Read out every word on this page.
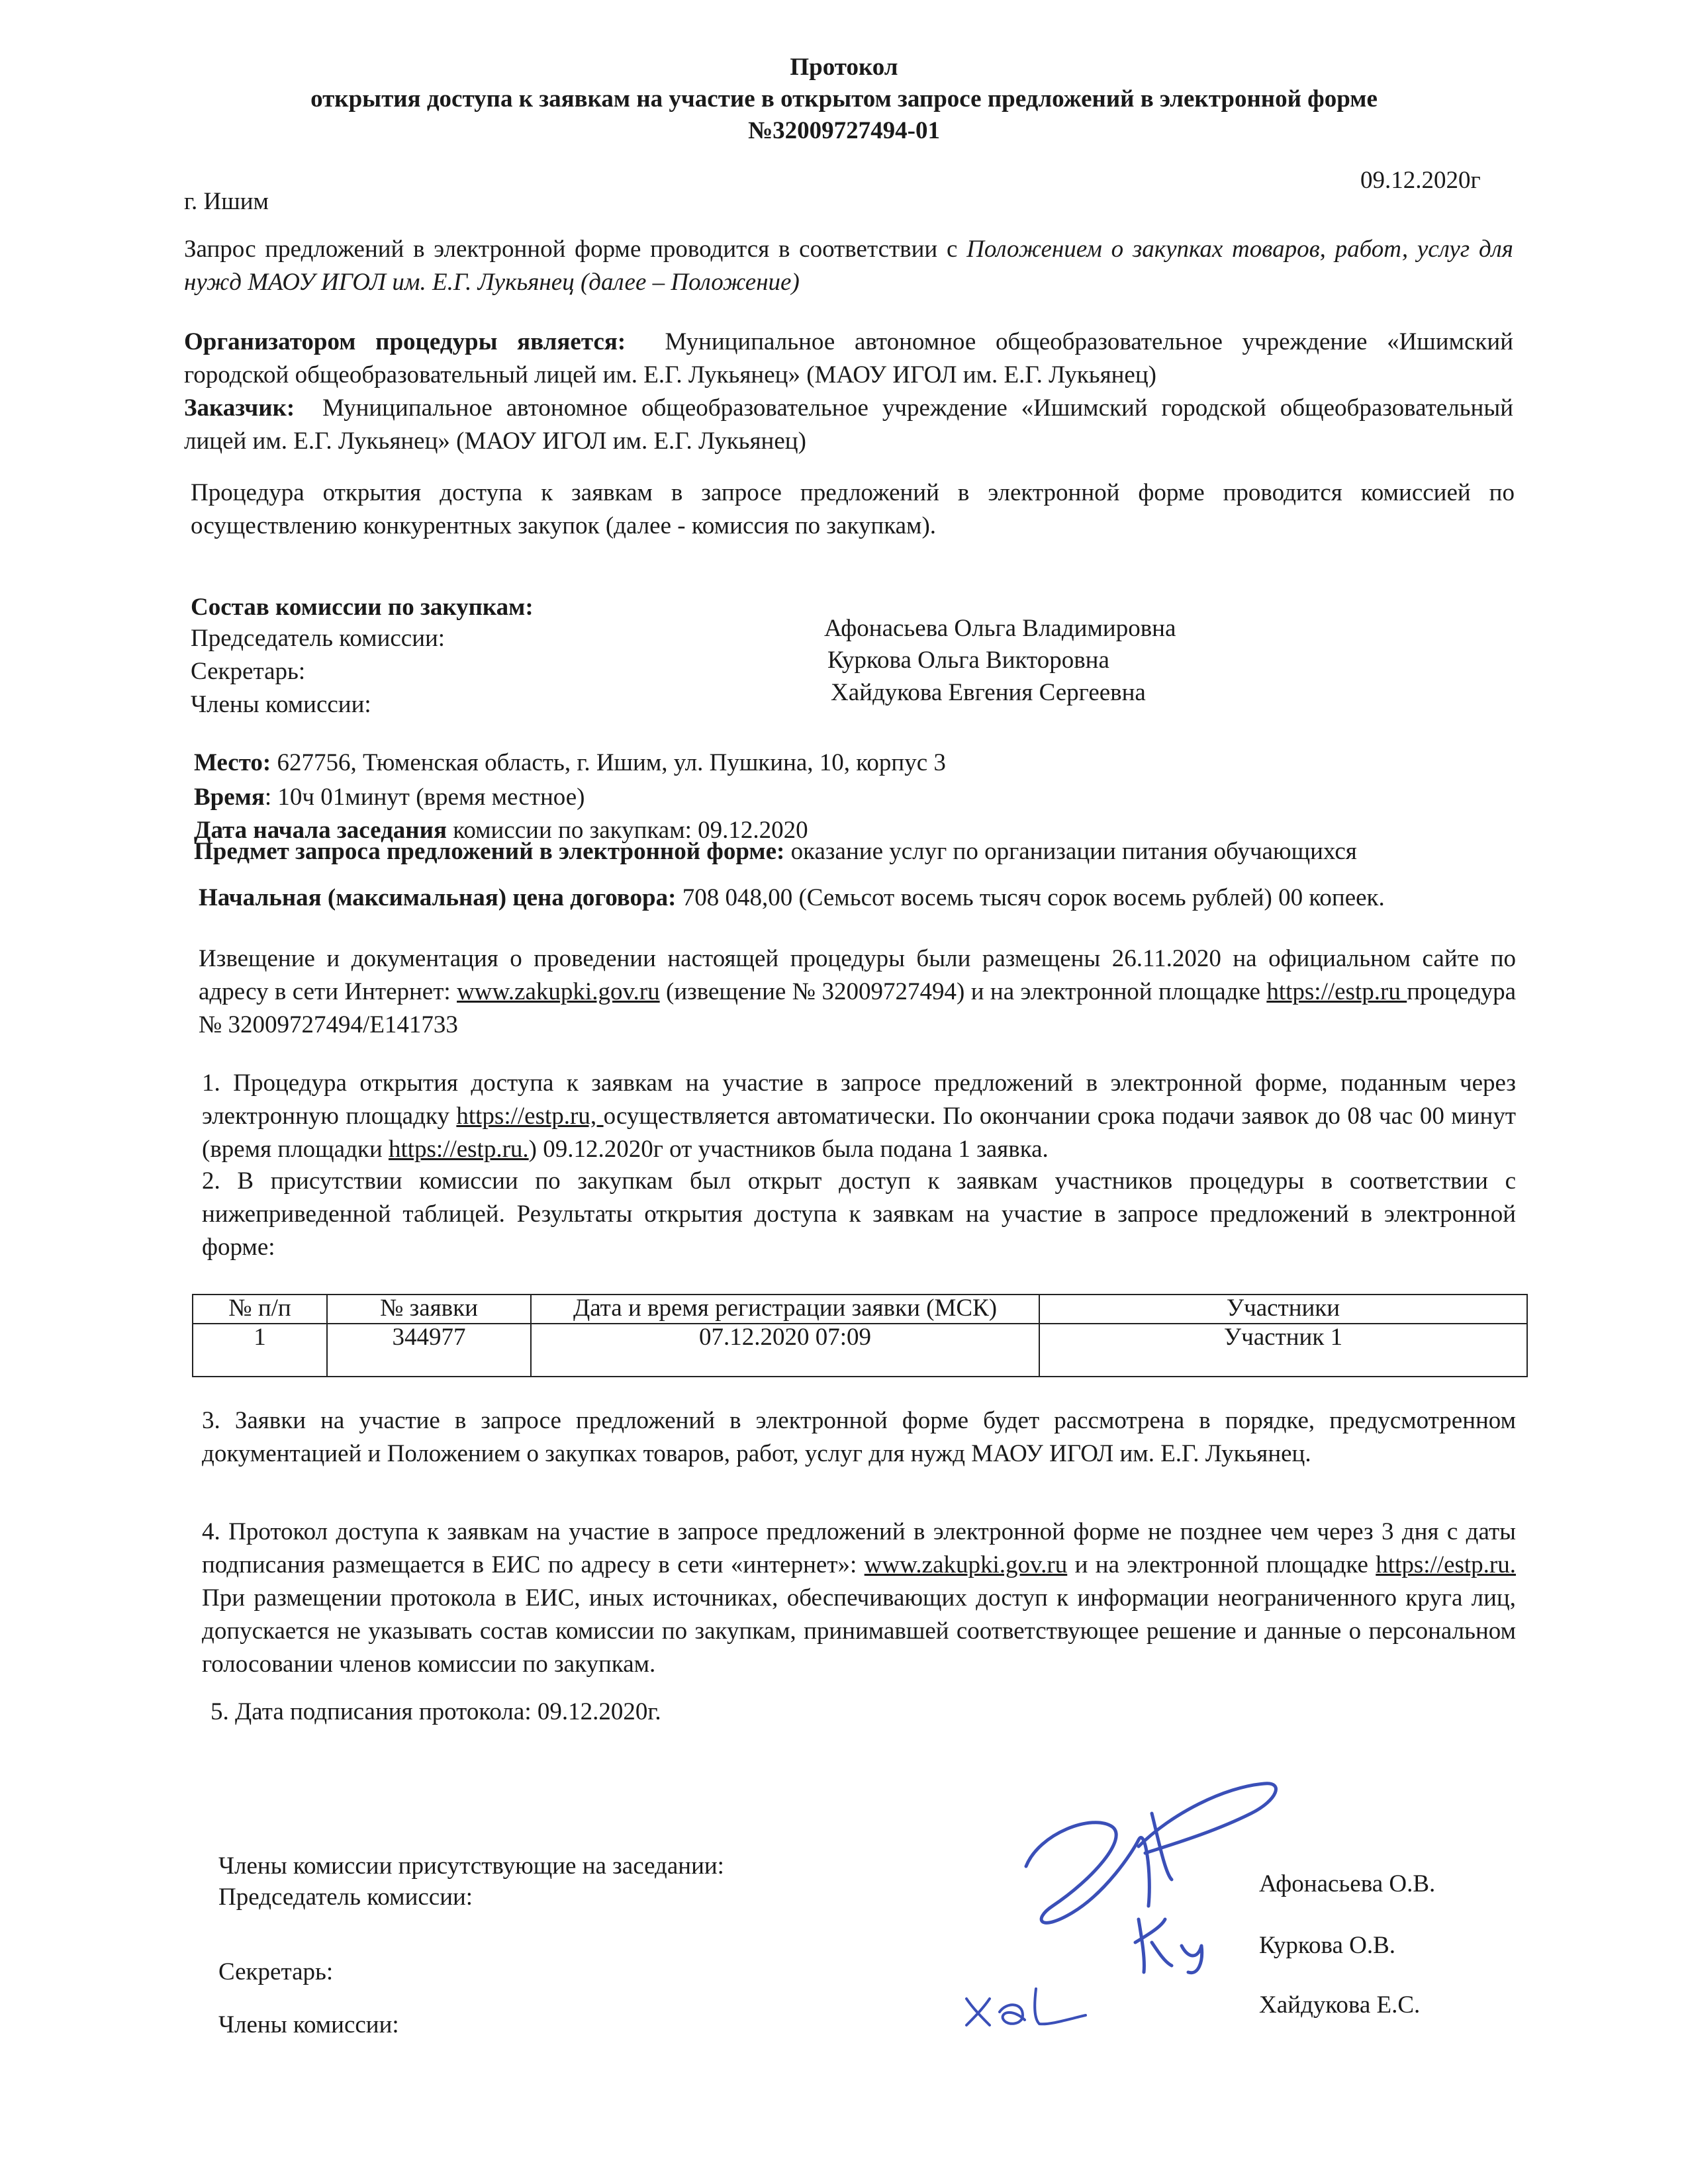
Протокол
открытия доступа к заявкам на участие в открытом запросе предложений в электронной форме
№32009727494-01
09.12.2020г
г. Ишим
Запрос предложений в электронной форме проводится в соответствии с Положением о закупках товаров, работ, услуг для нужд МАОУ ИГОЛ им. Е.Г. Лукьянец (далее – Положение)
Организатором процедуры является: Муниципальное автономное общеобразовательное учреждение «Ишимский городской общеобразовательный лицей им. Е.Г. Лукьянец» (МАОУ ИГОЛ им. Е.Г. Лукьянец)
Заказчик: Муниципальное автономное общеобразовательное учреждение «Ишимский городской общеобразовательный лицей им. Е.Г. Лукьянец» (МАОУ ИГОЛ им. Е.Г. Лукьянец)
Процедура открытия доступа к заявкам в запросе предложений в электронной форме проводится комиссией по осуществлению конкурентных закупок (далее - комиссия по закупкам).
Состав комиссии по закупкам:
Председатель комиссии:	Афонасьева Ольга Владимировна
Секретарь:	Куркова Ольга Викторовна
Члены комиссии:	Хайдукова Евгения Сергеевна
Место: 627756, Тюменская область, г. Ишим, ул. Пушкина, 10, корпус 3
Время: 10ч 01минут (время местное)
Дата начала заседания комиссии по закупкам: 09.12.2020
Предмет запроса предложений в электронной форме: оказание услуг по организации питания обучающихся
Начальная (максимальная) цена договора: 708 048,00 (Семьсот восемь тысяч сорок восемь рублей) 00 копеек.
Извещение и документация о проведении настоящей процедуры были размещены 26.11.2020 на официальном сайте по адресу в сети Интернет: www.zakupki.gov.ru (извещение № 32009727494) и на электронной площадке https://estp.ru процедура № 32009727494/Е141733
1. Процедура открытия доступа к заявкам на участие в запросе предложений в электронной форме, поданным через электронную площадку https://estp.ru, осуществляется автоматически. По окончании срока подачи заявок до 08 час 00 минут (время площадки https://estp.ru.) 09.12.2020г от участников была подана 1 заявка.
2. В присутствии комиссии по закупкам был открыт доступ к заявкам участников процедуры в соответствии с нижеприведенной таблицей. Результаты открытия доступа к заявкам на участие в запросе предложений в электронной форме:
№ п/п	№ заявки	Дата и время регистрации заявки (МСК)	Участники
1	344977	07.12.2020 07:09	Участник 1
3. Заявки на участие в запросе предложений в электронной форме будет рассмотрена в порядке, предусмотренном документацией и Положением о закупках товаров, работ, услуг для нужд МАОУ ИГОЛ им. Е.Г. Лукьянец.
4. Протокол доступа к заявкам на участие в запросе предложений в электронной форме не позднее чем через 3 дня с даты подписания размещается в ЕИС по адресу в сети «интернет»: www.zakupki.gov.ru и на электронной площадке https://estp.ru. При размещении протокола в ЕИС, иных источниках, обеспечивающих доступ к информации неограниченного круга лиц, допускается не указывать состав комиссии по закупкам, принимавшей соответствующее решение и данные о персональном голосовании членов комиссии по закупкам.
5. Дата подписания протокола: 09.12.2020г.
Члены комиссии присутствующие на заседании:
Председатель комиссии:	Афонасьева О.В.
Секретарь:
Куркова О.В.
Члены комиссии:
Хайдукова Е.С.
